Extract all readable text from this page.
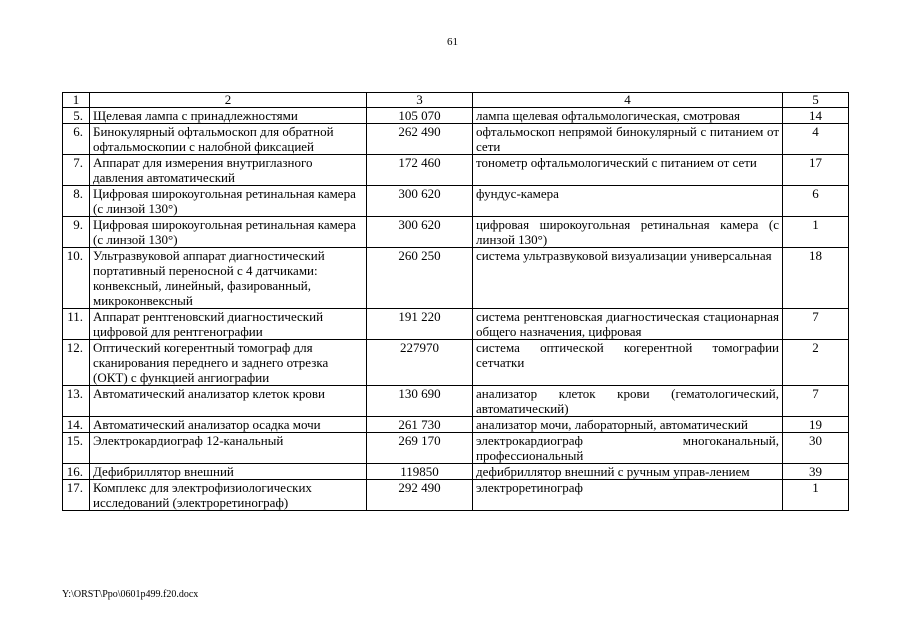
61
1	2	3	4	5
5.	Щелевая лампа с принадлежностями	105 070	лампа щелевая офтальмологическая, смотровая	14
6.	Бинокулярный офтальмоскоп для обратной офтальмоскопии с налобной фиксацией	262 490	офтальмоскоп непрямой бинокулярный с питанием от сети	4
7.	Аппарат для измерения внутриглазного давления автоматический	172 460	тонометр офтальмологический с питанием от сети	17
8.	Цифровая широкоугольная ретинальная камера (с линзой 130°)	300 620	фундус-камера	6
9.	Цифровая широкоугольная ретинальная камера (с линзой 130°)	300 620	цифровая широкоугольная ретинальная камера (с линзой 130°)	1
10.	Ультразвуковой аппарат диагностический портативный переносной с 4 датчиками: конвексный, линейный, фазированный, микроконвексный	260 250	система ультразвуковой визуализации универсальная	18
11.	Аппарат рентгеновский диагностический цифровой для рентгенографии	191 220	система рентгеновская диагностическая стационарная общего назначения, цифровая	7
12.	Оптический когерентный томограф для сканирования переднего и заднего отрезка (ОКТ) с функцией ангиографии	227970	система оптической когерентной томографии сетчатки	2
13.	Автоматический анализатор клеток крови	130 690	анализатор клеток крови (гематологический, автоматический)	7
14.	Автоматический анализатор осадка мочи	261 730	анализатор мочи, лабораторный, автоматический	19
15.	Электрокардиограф 12-канальный	269 170	электрокардиограф многоканальный, профессиональный	30
16.	Дефибриллятор внешний	119850	дефибриллятор внешний с ручным управ-лением	39
17.	Комплекс для электрофизиологических исследований (электроретинограф)	292 490	электроретинограф	1
Y:\ORST\Ppo\0601p499.f20.docx
